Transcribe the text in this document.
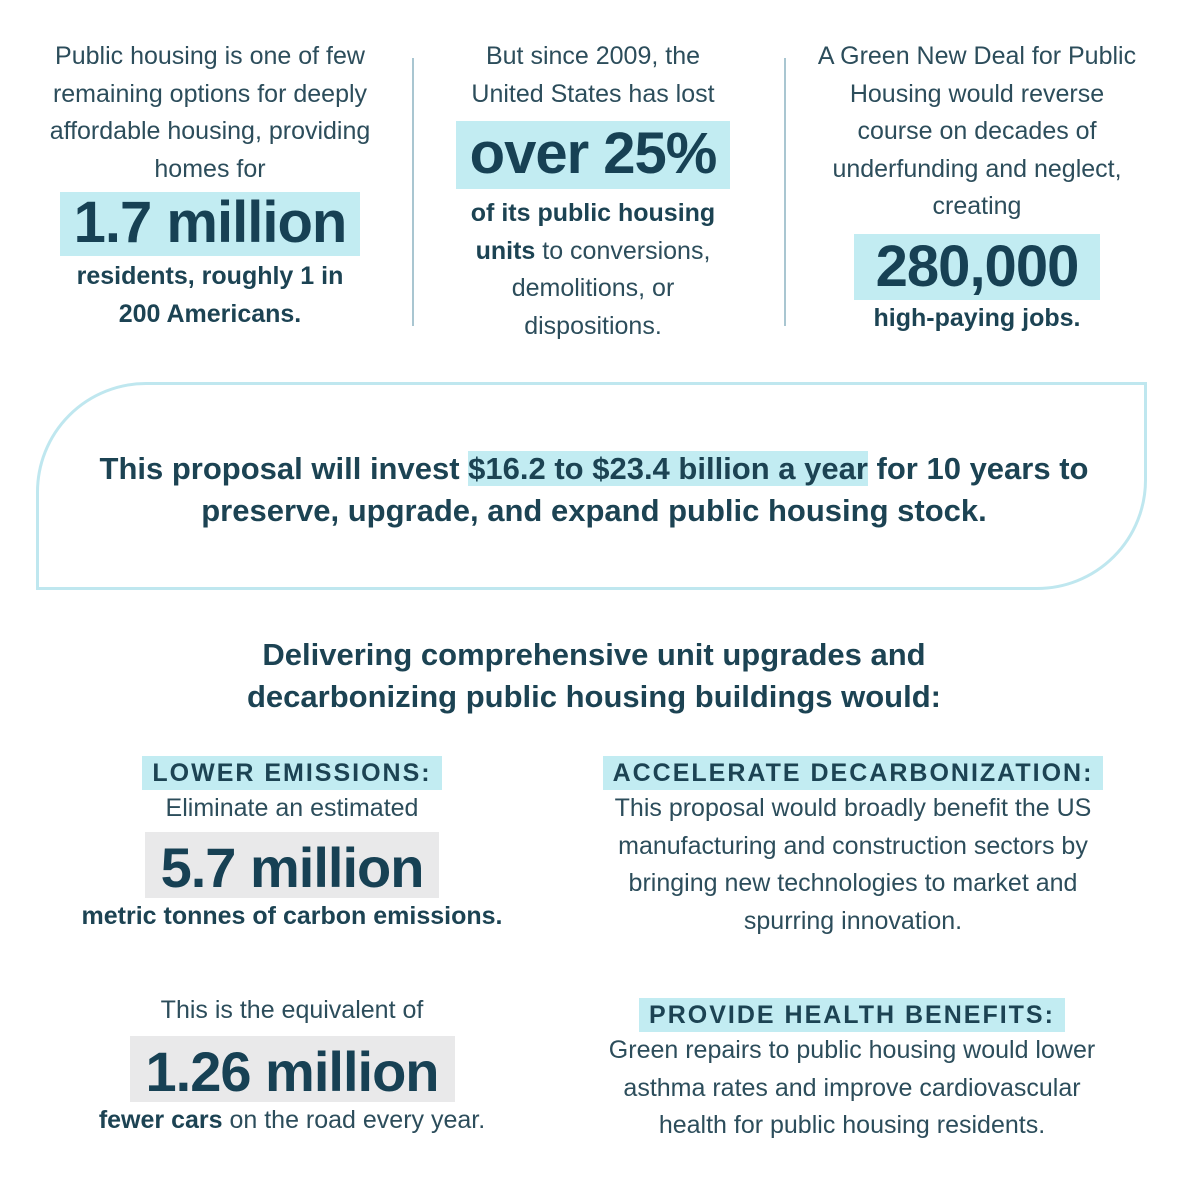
Public housing is one of few remaining options for deeply affordable housing, providing homes for

1.7 million

residents, roughly 1 in 200 Americans.

But since 2009, the United States has lost

over 25%

of its public housing units to conversions, demolitions, or dispositions.

A Green New Deal for Public Housing would reverse course on decades of underfunding and neglect, creating

280,000

high-paying jobs.

This proposal will invest $16.2 to $23.4 billion a year for 10 years to preserve, upgrade, and expand public housing stock.

Delivering comprehensive unit upgrades and decarbonizing public housing buildings would:

LOWER EMISSIONS:

Eliminate an estimated

5.7 million

metric tonnes of carbon emissions.

This is the equivalent of

1.26 million

fewer cars on the road every year.

ACCELERATE DECARBONIZATION:

This proposal would broadly benefit the US manufacturing and construction sectors by bringing new technologies to market and spurring innovation.

PROVIDE HEALTH BENEFITS:

Green repairs to public housing would lower asthma rates and improve cardiovascular health for public housing residents.
